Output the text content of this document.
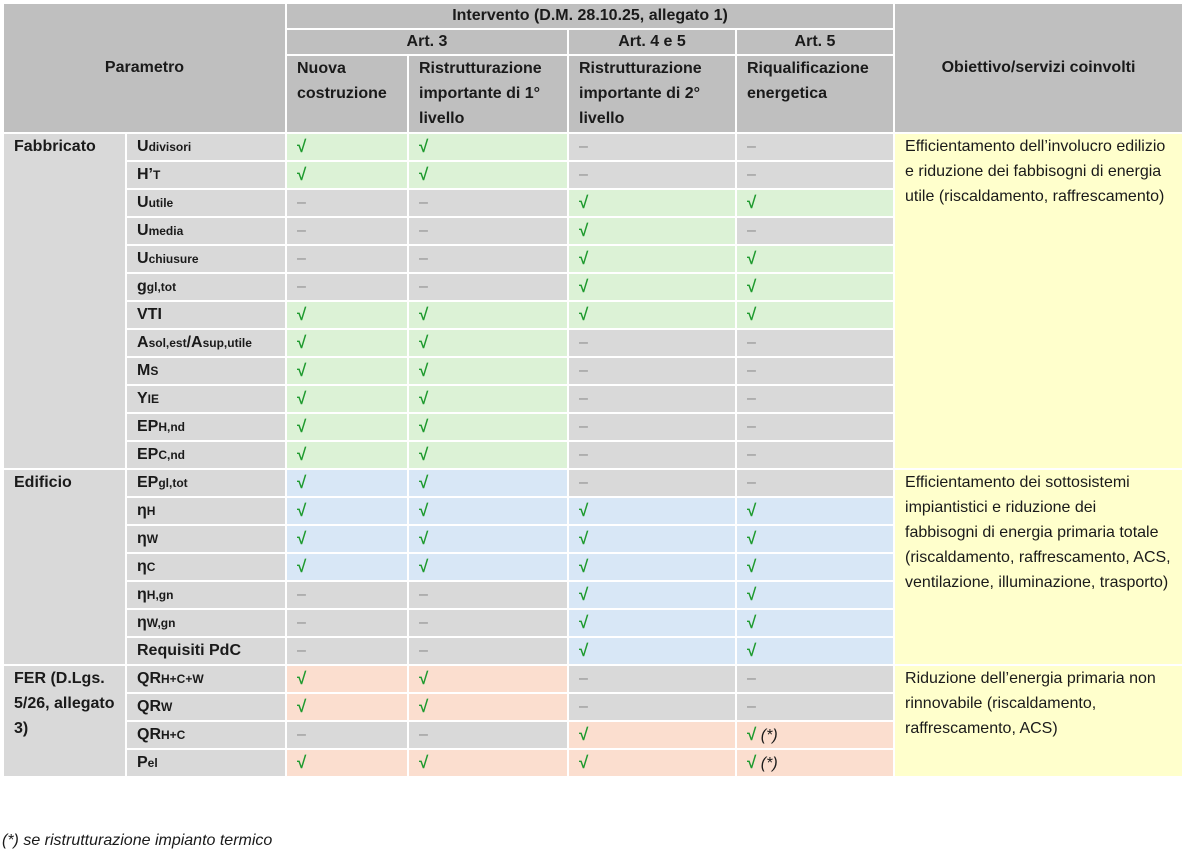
Parametro		Intervento (D.M. 28.10.25, allegato 1)				Obiettivo/servizi coinvolti
		Art. 3		Art. 4 e 5	Art. 5	
		Nuova costruzione	Ristrutturazione importante di 1° livello	Ristrutturazione importante di 2° livello	Riqualificazione energetica	
Fabbricato	Udivisori	√	√	–	–	Efficientamento dell’involucro edilizio e riduzione dei fabbisogni di energia utile (riscaldamento, raffrescamento)
	H’T	√	√	–	–	
	Uutile	–	–	√	√	
	Umedia	–	–	√	–	
	Uchiusure	–	–	√	√	
	ggl,tot	–	–	√	√	
	VTI	√	√	√	√	
	Asol,est/Asup,utile	√	√	–	–	
	MS	√	√	–	–	
	YIE	√	√	–	–	
	EPH,nd	√	√	–	–	
	EPC,nd	√	√	–	–	
Edificio	EPgl,tot	√	√	–	–	Efficientamento dei sottosistemi impiantistici e riduzione dei fabbisogni di energia primaria totale (riscaldamento, raffrescamento, ACS, ventilazione, illuminazione, trasporto)
	ηH	√	√	√	√	
	ηW	√	√	√	√	
	ηC	√	√	√	√	
	ηH,gn	–	–	√	√	
	ηW,gn	–	–	√	√	
	Requisiti PdC	–	–	√	√	
FER (D.Lgs. 5/26, allegato 3)	QRH+C+W	√	√	–	–	Riduzione dell’energia primaria non rinnovabile (riscaldamento, raffrescamento, ACS)
	QRW	√	√	–	–	
	QRH+C	–	–	√	√ (*)	
	Pel	√	√	√	√ (*)	
(*) se ristrutturazione impianto termico
